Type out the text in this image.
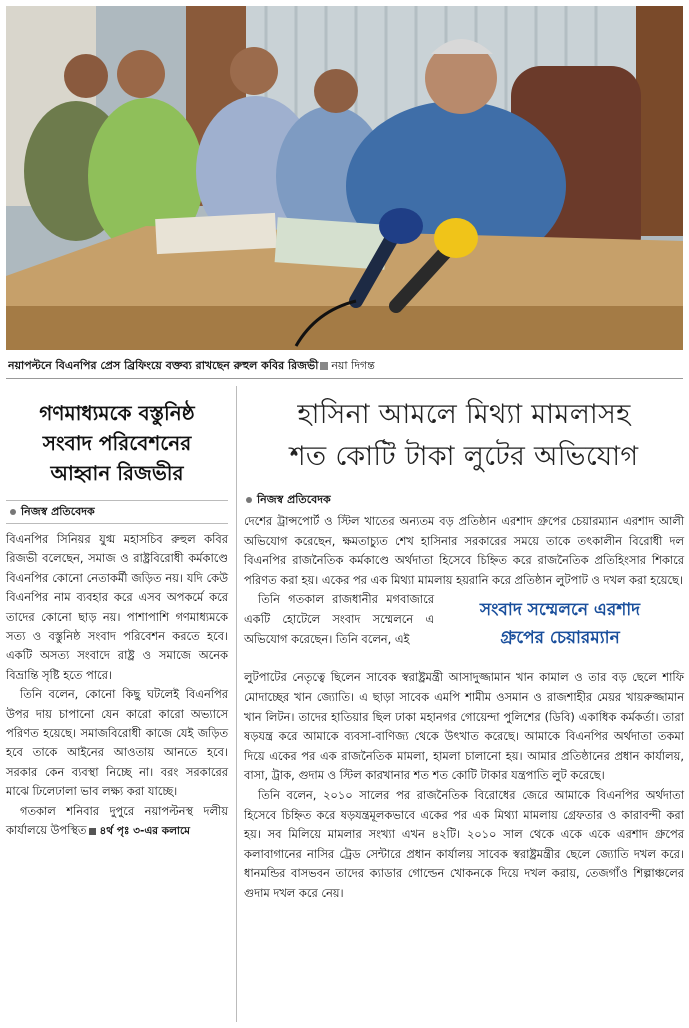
নয়াপল্টনে বিএনপির প্রেস ব্রিফিংয়ে বক্তব্য রাখছেন রুহুল কবির রিজভী নয়া দিগন্ত
গণমাধ্যমকে বস্তুনিষ্ঠ
সংবাদ পরিবেশনের
আহ্বান রিজভীর
নিজস্ব প্রতিবেদক

বিএনপির সিনিয়র যুগ্ম মহাসচিব রুহুল কবির রিজভী বলেছেন, সমাজ ও রাষ্ট্রবিরোধী কর্মকাণ্ডে বিএনপির কোনো নেতাকর্মী জড়িত নয়। যদি কেউ বিএনপির নাম ব্যবহার করে এসব অপকর্মে করে তাদের কোনো ছাড় নয়। পাশাপাশি গণমাধ্যমকে সত্য ও বস্তুনিষ্ঠ সংবাদ পরিবেশন করতে হবে। একটি অসত্য সংবাদে রাষ্ট্র ও সমাজে অনেক বিভ্রান্তি সৃষ্টি হতে পারে।

তিনি বলেন, কোনো কিছু ঘটলেই বিএনপির উপর দায় চাপানো যেন কারো কারো অভ্যাসে পরিণত হয়েছে। সমাজবিরোধী কাজে যেই জড়িত হবে তাকে আইনের আওতায় আনতে হবে। সরকার কেন ব্যবস্থা নিচ্ছে না। বরং সরকারের মাঝে ঢিলেঢালা ভাব লক্ষ্য করা যাচ্ছে।

গতকাল শনিবার দুপুরে নয়াপল্টনস্থ দলীয় কার্যালয়ে উপস্থিত ৪র্থ পৃঃ ৩-এর কলামে

হাসিনা আমলে মিথ্যা মামলাসহ
শত কোটি টাকা লুটের অভিযোগ
নিজস্ব প্রতিবেদক

দেশের ট্রান্সপোর্ট ও স্টিল খাতের অন্যতম বড় প্রতিষ্ঠান এরশাদ গ্রুপের চেয়ারম্যান এরশাদ আলী অভিযোগ করেছেন, ক্ষমতাচ্যুত শেখ হাসিনার সরকারের সময়ে তাকে তৎকালীন বিরোধী দল বিএনপির রাজনৈতিক কর্মকাণ্ডে অর্থদাতা হিসেবে চিহ্নিত করে রাজনৈতিক প্রতিহিংসার শিকারে পরিণত করা হয়। একের পর এক মিথ্যা মামলায় হয়রানি করে প্রতিষ্ঠান লুটপাট ও দখল করা হয়েছে।

তিনি গতকাল রাজধানীর মগবাজারে একটি হোটেলে সংবাদ সম্মেলনে এ অভিযোগ করেছেন। তিনি বলেন, এই

সংবাদ সম্মেলনে এরশাদ
গ্রুপের চেয়ারম্যান

লুটপাটের নেতৃত্বে ছিলেন সাবেক স্বরাষ্ট্রমন্ত্রী আসাদুজ্জামান খান কামাল ও তার বড় ছেলে শাফি মোদাচ্ছের খান জ্যোতি। এ ছাড়া সাবেক এমপি শামীম ওসমান ও রাজশাহীর মেয়র খায়রুজ্জামান খান লিটন। তাদের হাতিয়ার ছিল ঢাকা মহানগর গোয়েন্দা পুলিশের (ডিবি) একাধিক কর্মকর্তা। তারা ষড়যন্ত্র করে আমাকে ব্যবসা-বাণিজ্য থেকে উৎখাত করেছে। আমাকে বিএনপির অর্থদাতা তকমা দিয়ে একের পর এক রাজনৈতিক মামলা, হামলা চালানো হয়। আমার প্রতিষ্ঠানের প্রধান কার্যালয়, বাসা, ট্রাক, গুদাম ও স্টিল কারখানার শত শত কোটি টাকার যন্ত্রপাতি লুট করেছে।

তিনি বলেন, ২০১০ সালের পর রাজনৈতিক বিরোধের জেরে আমাকে বিএনপির অর্থদাতা হিসেবে চিহ্নিত করে ষড়যন্ত্রমূলকভাবে একের পর এক মিথ্যা মামলায় গ্রেফতার ও কারাবন্দী করা হয়। সব মিলিয়ে মামলার সংখ্যা এখন ৪২টি। ২০১০ সাল থেকে একে একে এরশাদ গ্রুপের কলাবাগানের নাসির ট্রেড সেন্টারে প্রধান কার্যালয় সাবেক স্বরাষ্ট্রমন্ত্রীর ছেলে জ্যোতি দখল করে। ধানমন্ডির বাসভবন তাদের ক্যাডার গোল্ডেন খোকনকে দিয়ে দখল করায়, তেজগাঁও শিল্পাঞ্চলের গুদাম দখল করে নেয়।
